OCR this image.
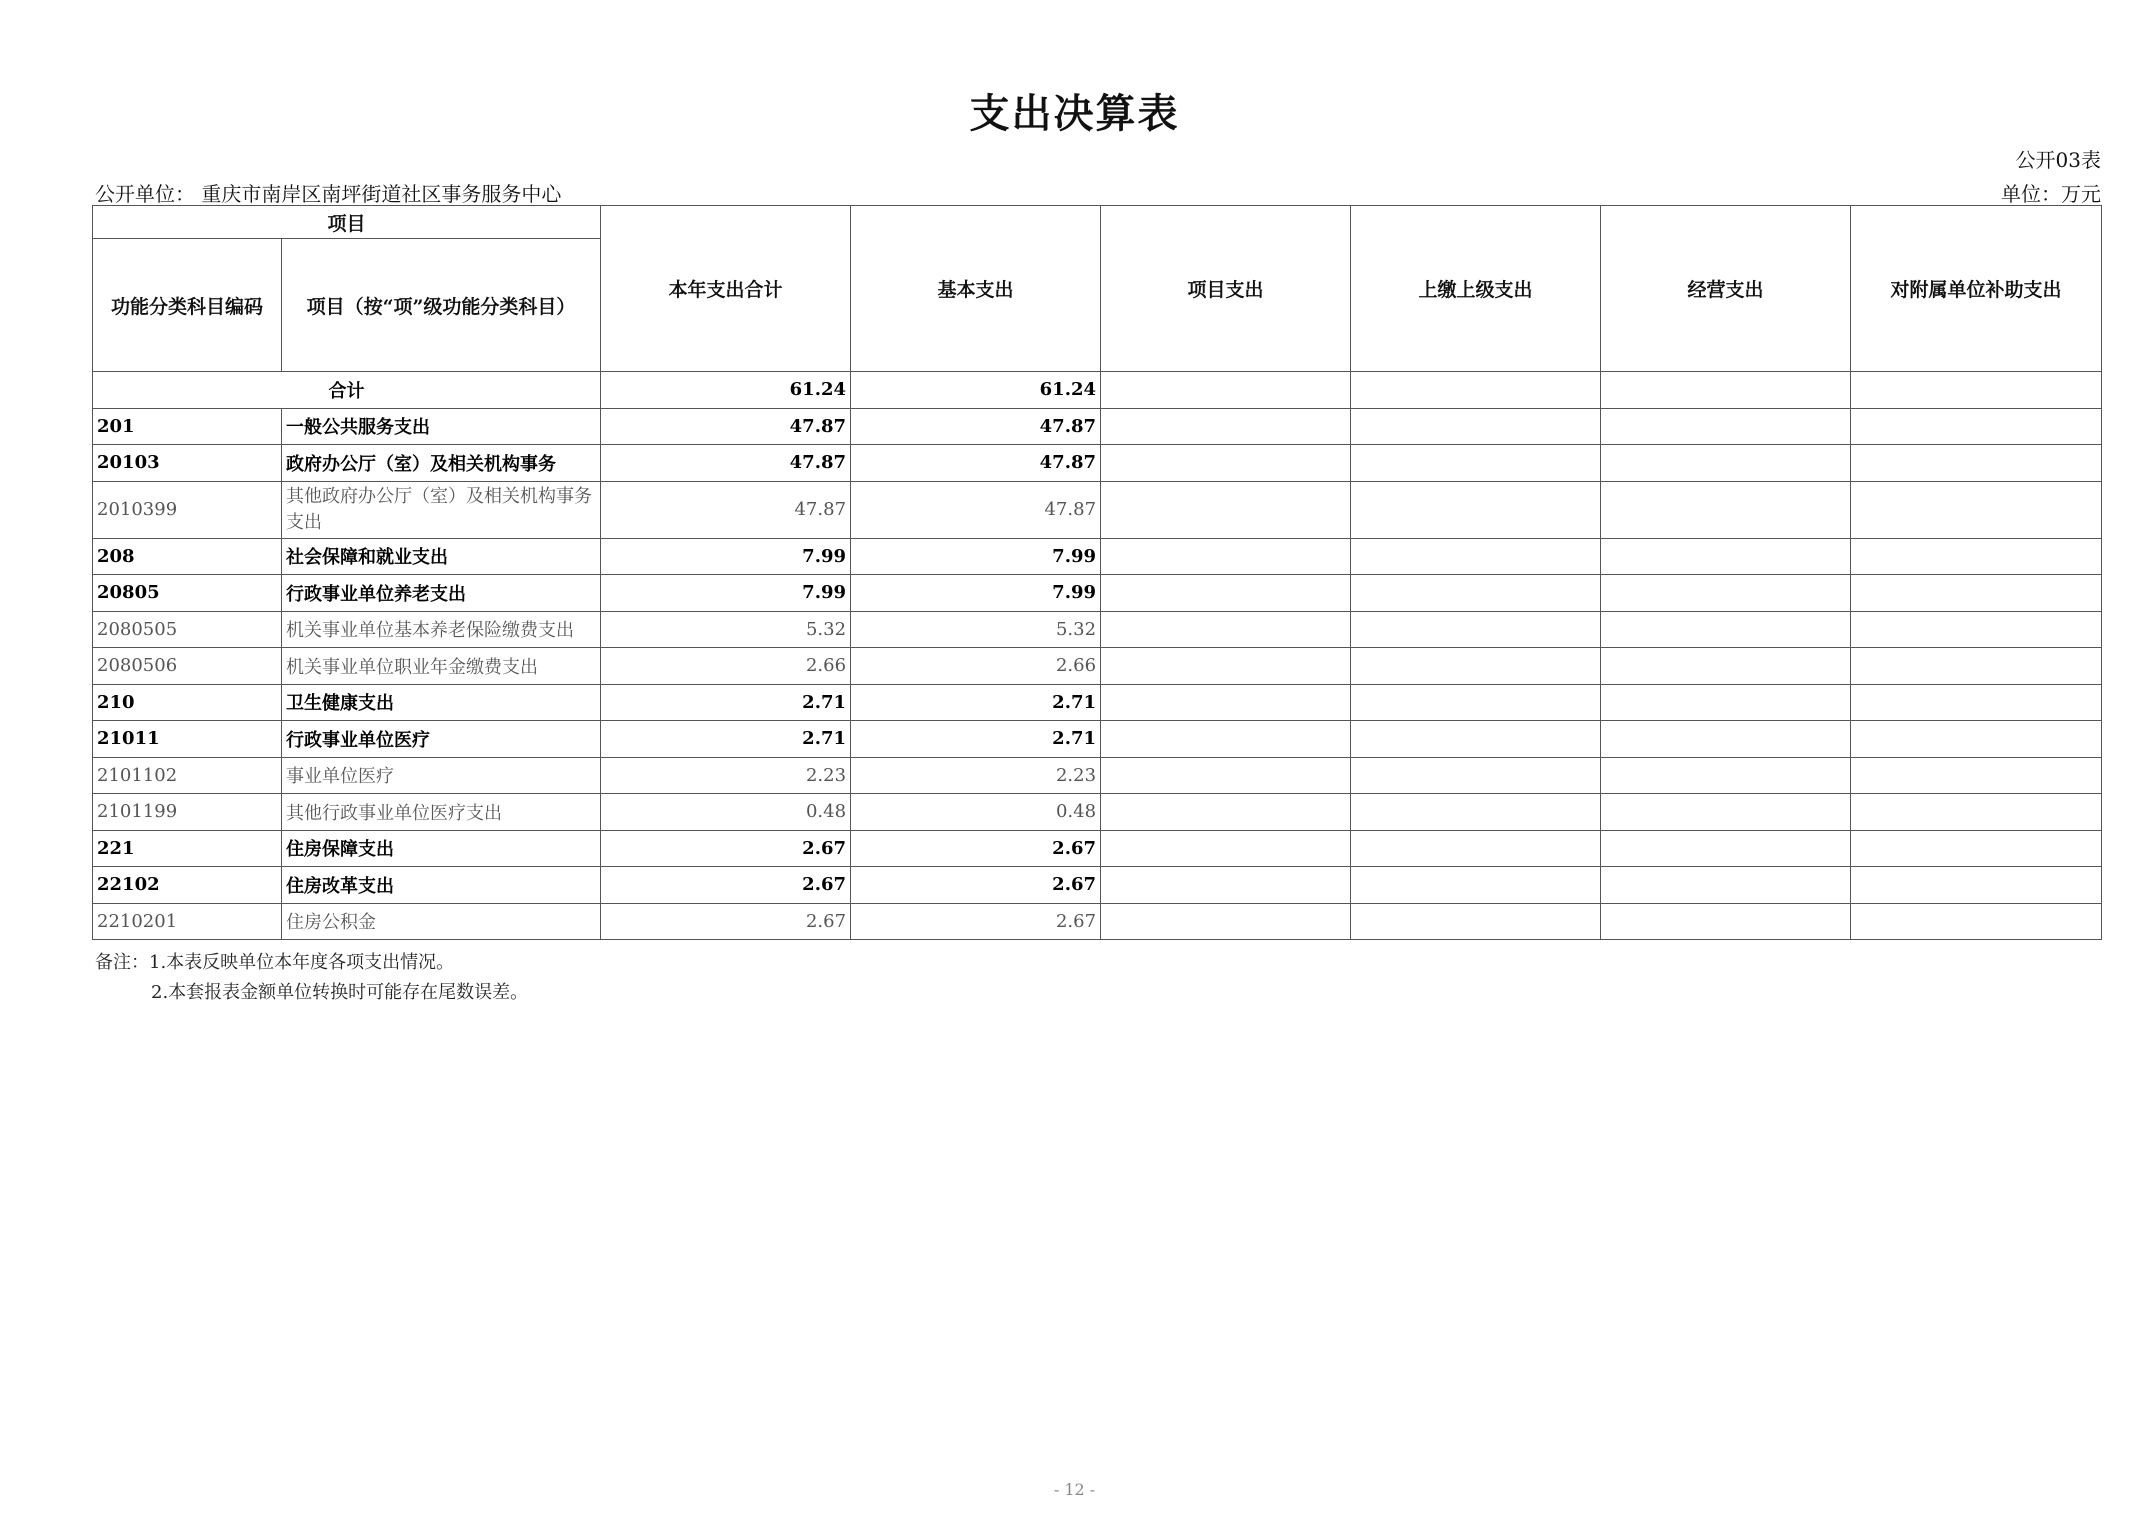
支出决算表
公开03表
公开单位： 重庆市南岸区南坪街道社区事务服务中心	单位：万元
项目		本年支出合计	基本支出	项目支出	上缴上级支出	经营支出	对附属单位补助支出
功能分类科目编码	项目（按“项”级功能分类科目）						
合计		61.24	61.24				
201	一般公共服务支出	47.87	47.87				
20103	政府办公厅（室）及相关机构事务	47.87	47.87				
2010399	其他政府办公厅（室）及相关机构事务支出	47.87	47.87				
208	社会保障和就业支出	7.99	7.99				
20805	行政事业单位养老支出	7.99	7.99				
2080505	机关事业单位基本养老保险缴费支出	5.32	5.32				
2080506	机关事业单位职业年金缴费支出	2.66	2.66				
210	卫生健康支出	2.71	2.71				
21011	行政事业单位医疗	2.71	2.71				
2101102	事业单位医疗	2.23	2.23				
2101199	其他行政事业单位医疗支出	0.48	0.48				
221	住房保障支出	2.67	2.67				
22102	住房改革支出	2.67	2.67				
2210201	住房公积金	2.67	2.67				
备注：1.本表反映单位本年度各项支出情况。
2.本套报表金额单位转换时可能存在尾数误差。
- 12 -
